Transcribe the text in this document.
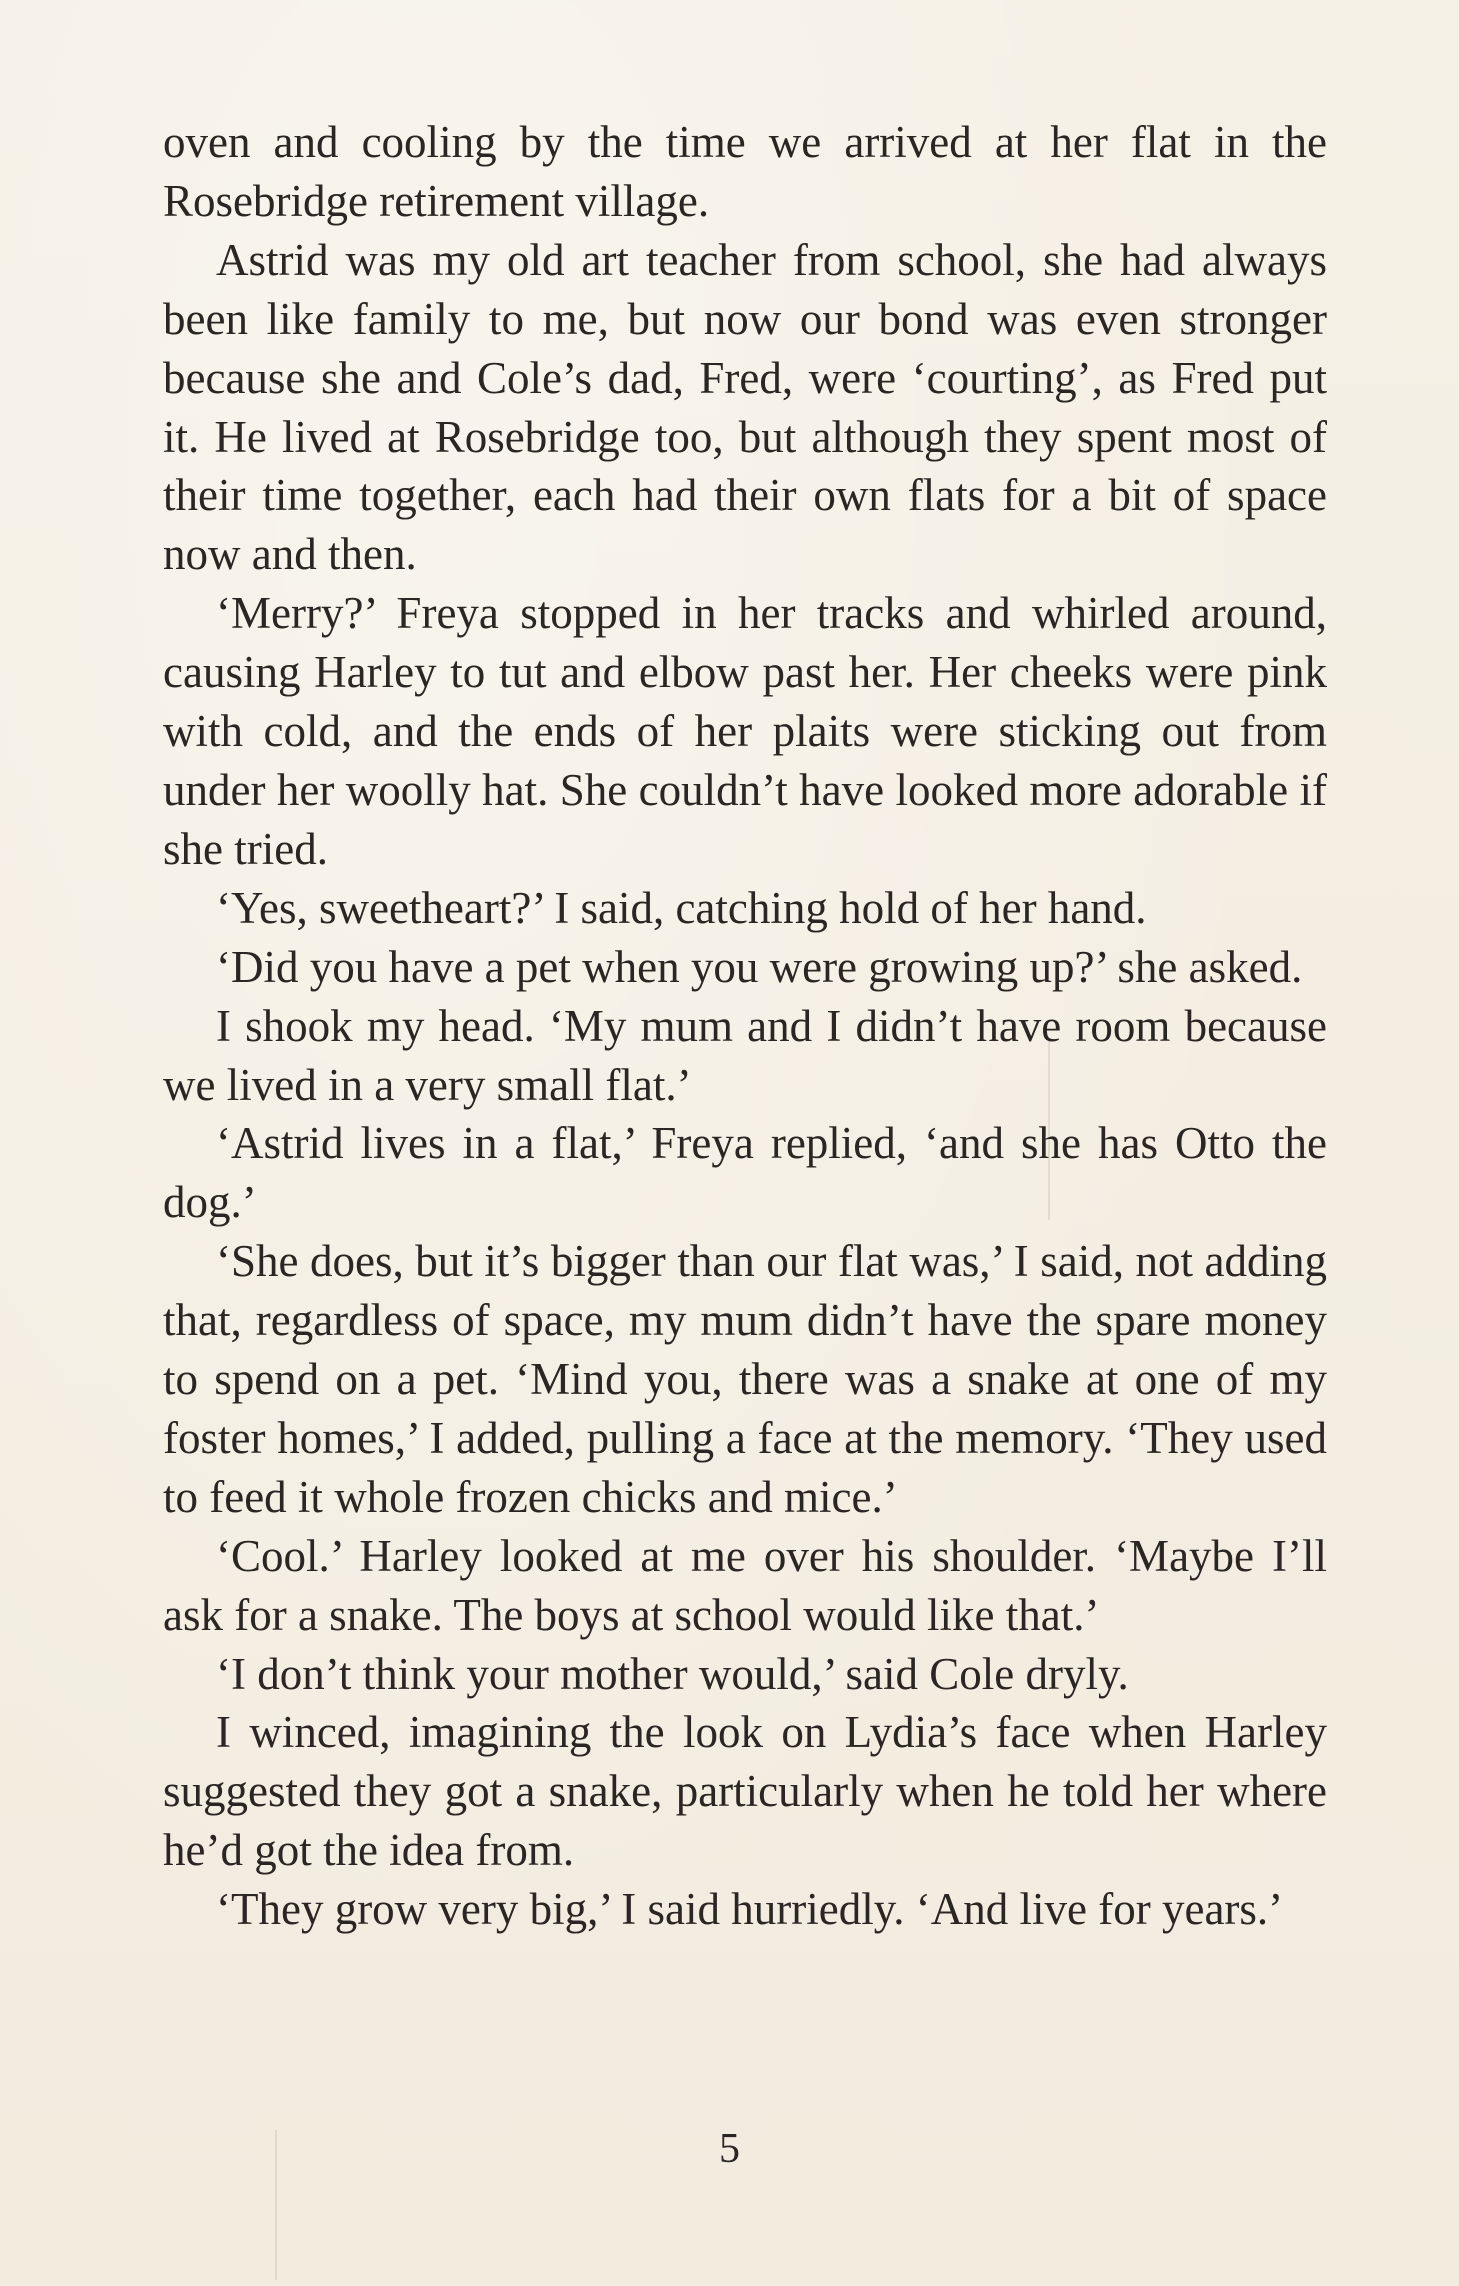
oven and cooling by the time we arrived at her flat in the Rosebridge retirement village.

Astrid was my old art teacher from school, she had always been like family to me, but now our bond was even stronger because she and Cole’s dad, Fred, were ‘courting’, as Fred put it. He lived at Rosebridge too, but although they spent most of their time together, each had their own flats for a bit of space now and then.

‘Merry?’ Freya stopped in her tracks and whirled around, causing Harley to tut and elbow past her. Her cheeks were pink with cold, and the ends of her plaits were sticking out from under her woolly hat. She couldn’t have looked more adorable if she tried.

‘Yes, sweetheart?’ I said, catching hold of her hand.

‘Did you have a pet when you were growing up?’ she asked.

I shook my head. ‘My mum and I didn’t have room because we lived in a very small flat.’

‘Astrid lives in a flat,’ Freya replied, ‘and she has Otto the dog.’

‘She does, but it’s bigger than our flat was,’ I said, not adding that, regardless of space, my mum didn’t have the spare money to spend on a pet. ‘Mind you, there was a snake at one of my foster homes,’ I added, pulling a face at the memory. ‘They used to feed it whole frozen chicks and mice.’

‘Cool.’ Harley looked at me over his shoulder. ‘Maybe I’ll ask for a snake. The boys at school would like that.’

‘I don’t think your mother would,’ said Cole dryly.

I winced, imagining the look on Lydia’s face when Harley suggested they got a snake, particularly when he told her where he’d got the idea from.

‘They grow very big,’ I said hurriedly. ‘And live for years.’

5
